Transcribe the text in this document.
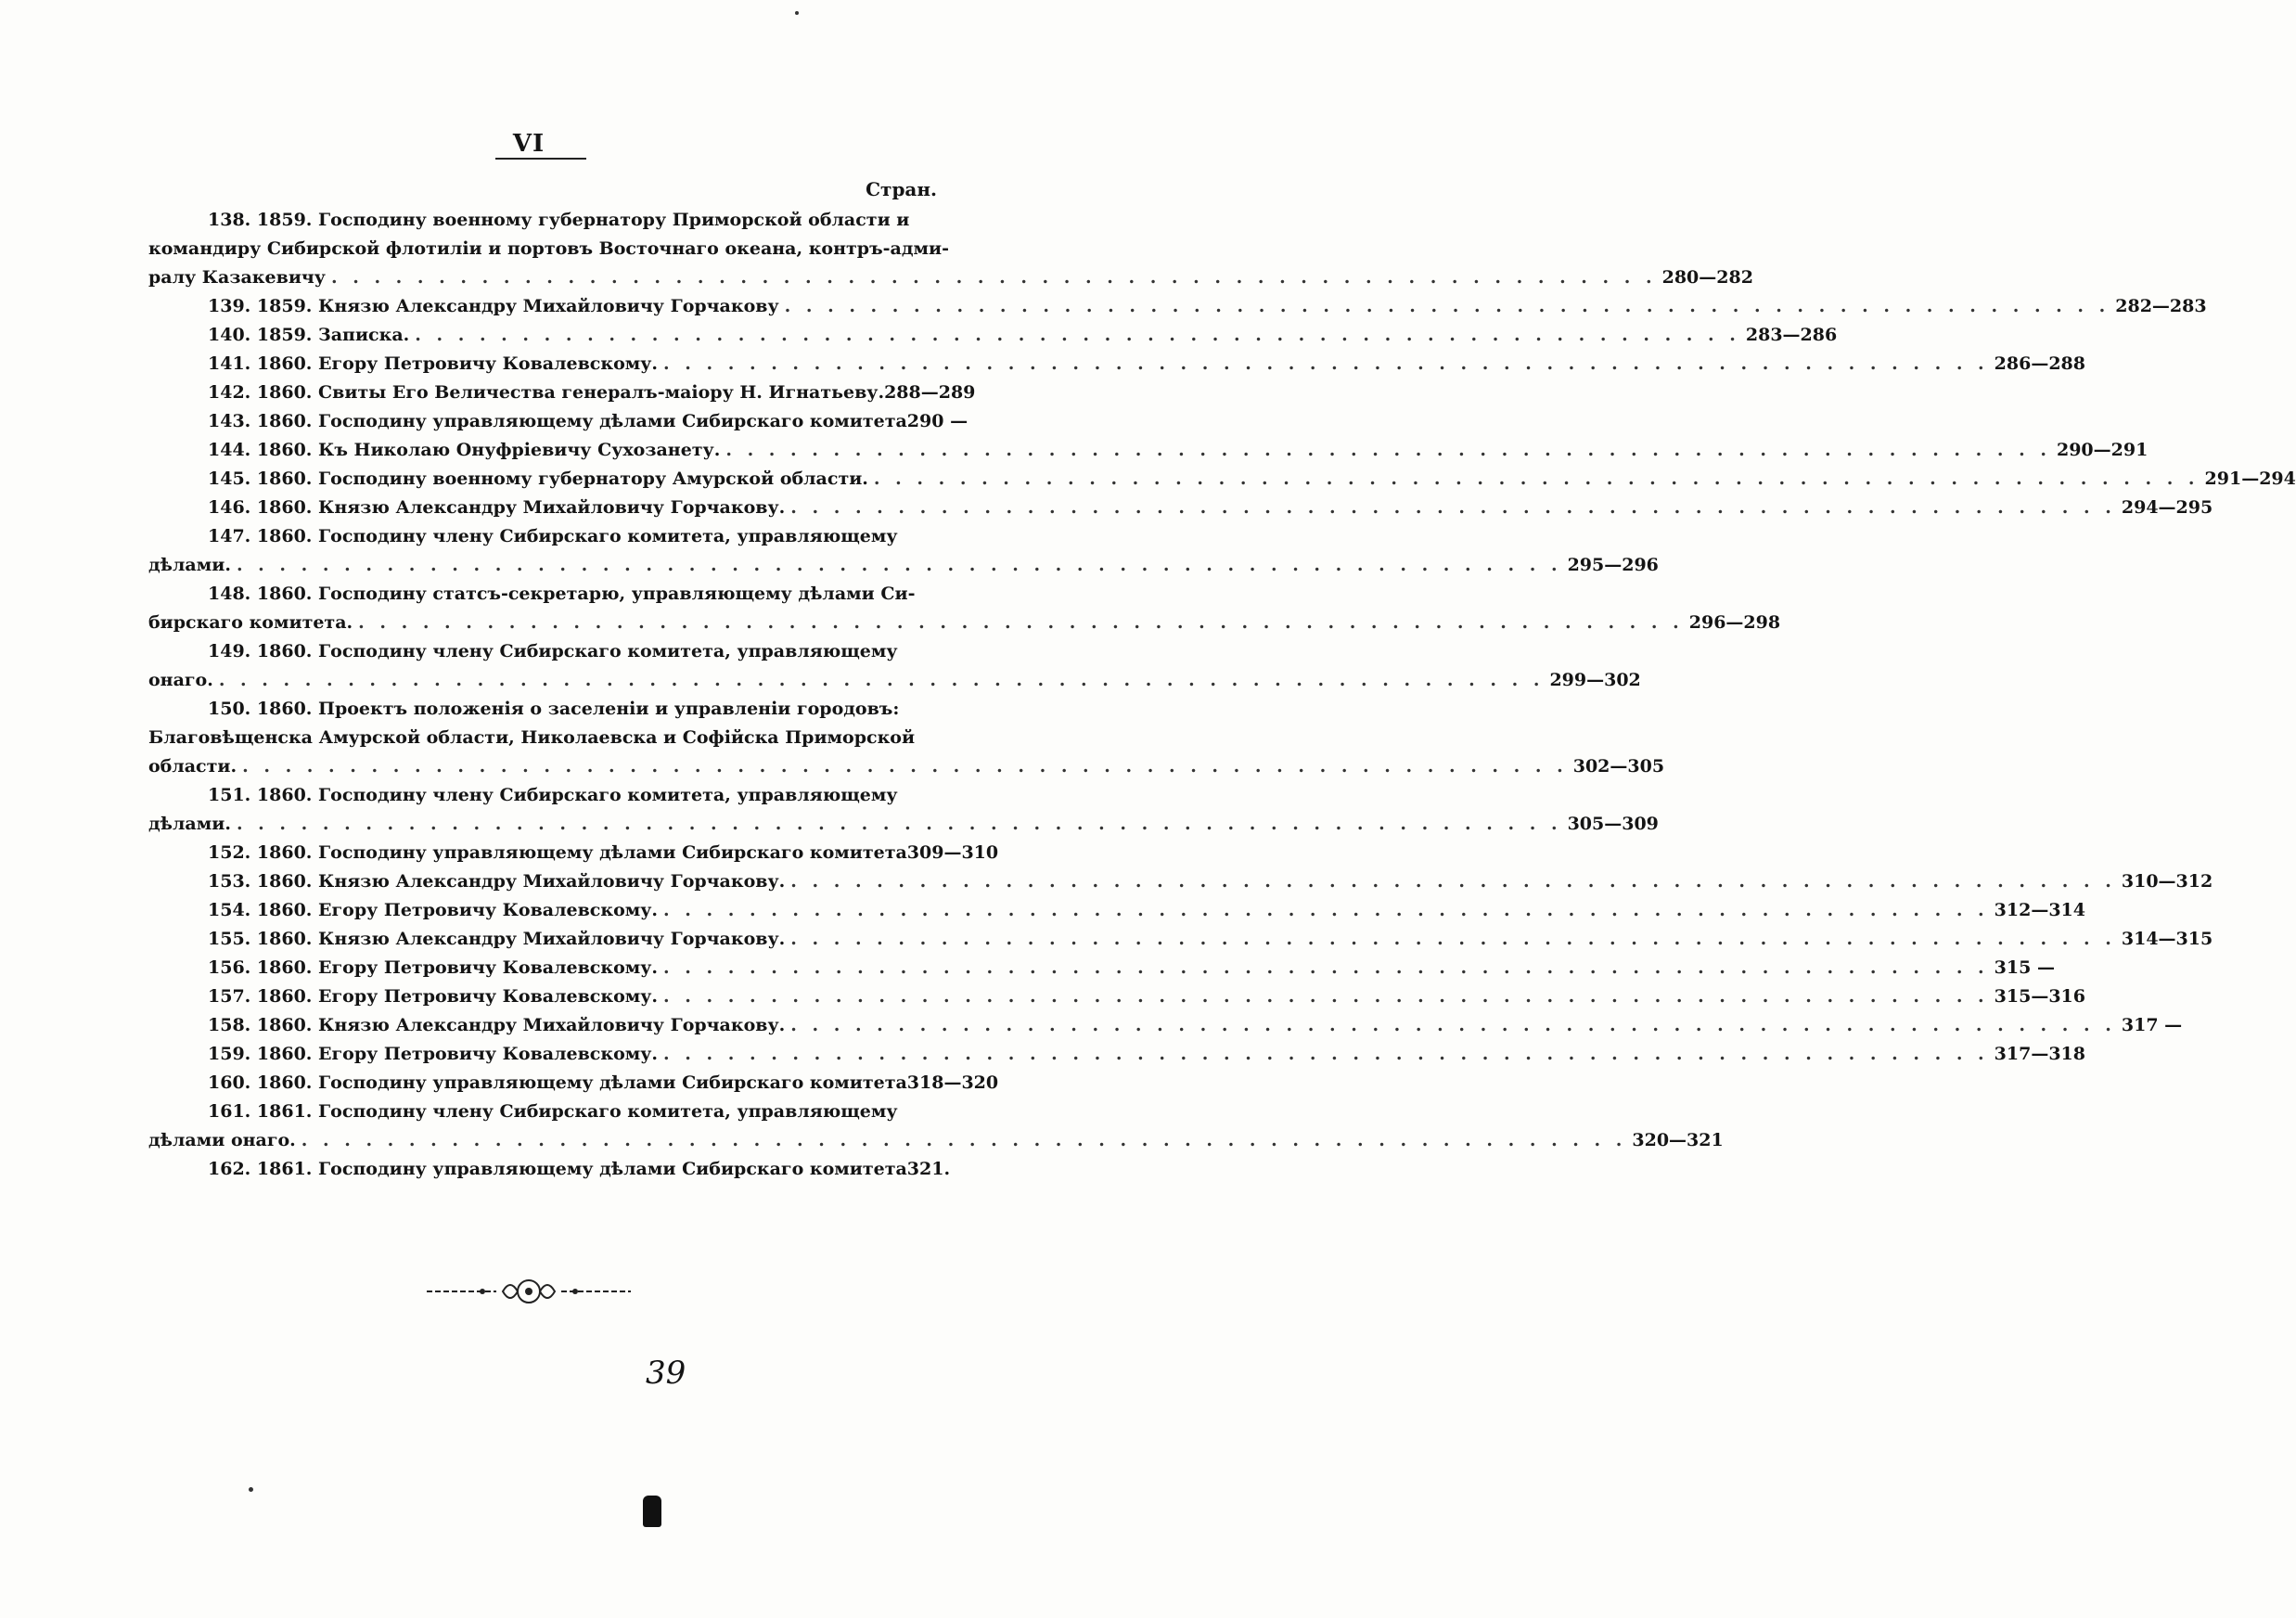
VI
Стран.
138.
1859.
Господину военному губернатору Приморской области и
командиру Сибирской флотиліи и портовъ Восточнаго океана, контръ-адми-
ралу Казакевичу . . .	280—282
139.
1859.
Князю Александру Михайловичу Горчакову . . .	282—283
140.
1859.
Записка. . . .	283—286
141.
1860.
Егору Петровичу Ковалевскому. . . .	286—288
142.
1860.
Свиты Его Величества генералъ-маіору Н. Игнатьеву. 288—289
143.
1860.
Господину управляющему дѣлами Сибирскаго комитета 290 —
144.
1860.
Къ Николаю Онуфріевичу Сухозанету. . . .	290—291
145.
1860.
Господину военному губернатору Амурской области. . . .	291—294
146.
1860.
Князю Александру Михайловичу Горчакову. . . .	294—295
147.
1860.
Господину члену Сибирскаго комитета, управляющему
дѣлами. . . .	295—296
148.
1860.
Господину статсъ-секретарю, управляющему дѣлами Си-
бирскаго комитета. . . .	296—298
149.
1860.
Господину члену Сибирскаго комитета, управляющему
онаго. . . .	299—302
150.
1860.
Проектъ положенія о заселеніи и управленіи городовъ:
Благовѣщенска Амурской области, Николаевска и Софійска Приморской
области. . . .	302—305
151.
1860.
Господину члену Сибирскаго комитета, управляющему
дѣлами. . . .	305—309
152.
1860.
Господину управляющему дѣлами Сибирскаго комитета 309—310
153.
1860.
Князю Александру Михайловичу Горчакову. . . .	310—312
154.
1860.
Егору Петровичу Ковалевскому. . . .	312—314
155.
1860.
Князю Александру Михайловичу Горчакову. . . .	314—315
156.
1860.
Егору Петровичу Ковалевскому. . . .	315 —
157.
1860.
Егору Петровичу Ковалевскому. . . .	315—316
158.
1860.
Князю Александру Михайловичу Горчакову. . . .	317 —
159.
1860.
Егору Петровичу Ковалевскому. . . .	317—318
160.
1860.
Господину управляющему дѣлами Сибирскаго комитета 318—320
161.
1861.
Господину члену Сибирскаго комитета, управляющему
дѣлами онаго. . . .	320—321
162.
1861.
Господину управляющему дѣлами Сибирскаго комитета 321.
39
